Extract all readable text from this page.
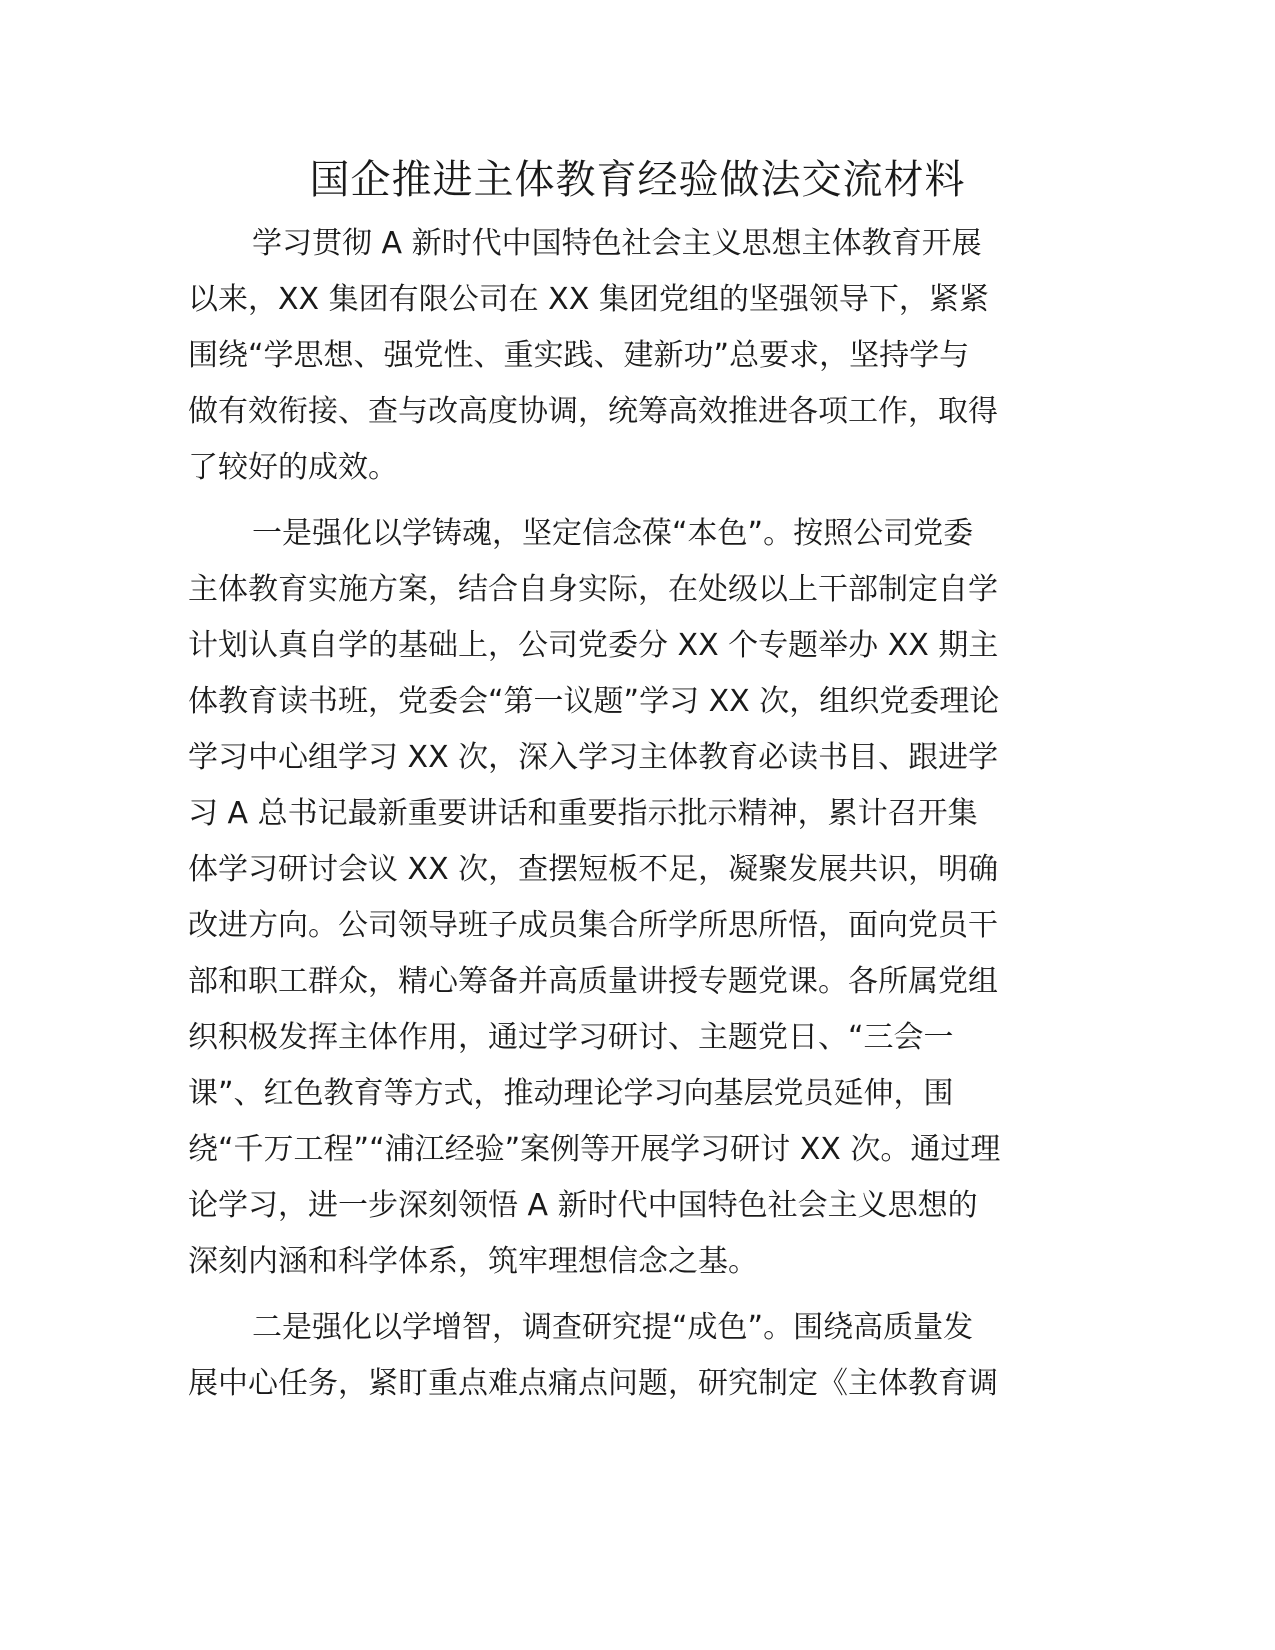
国企推进主体教育经验做法交流材料
学习贯彻 A 新时代中国特色社会主义思想主体教育开展
以来，XX 集团有限公司在 XX 集团党组的坚强领导下，紧紧
围绕“学思想、强党性、重实践、建新功”总要求，坚持学与
做有效衔接、查与改高度协调，统筹高效推进各项工作，取得
了较好的成效。
一是强化以学铸魂，坚定信念葆“本色”。按照公司党委
主体教育实施方案，结合自身实际，在处级以上干部制定自学
计划认真自学的基础上，公司党委分 XX 个专题举办 XX 期主
体教育读书班，党委会“第一议题”学习 XX 次，组织党委理论
学习中心组学习 XX 次，深入学习主体教育必读书目、跟进学
习 A 总书记最新重要讲话和重要指示批示精神，累计召开集
体学习研讨会议 XX 次，查摆短板不足，凝聚发展共识，明确
改进方向。公司领导班子成员集合所学所思所悟，面向党员干
部和职工群众，精心筹备并高质量讲授专题党课。各所属党组
织积极发挥主体作用，通过学习研讨、主题党日、“三会一
课”、红色教育等方式，推动理论学习向基层党员延伸，围
绕“千万工程”“浦江经验”案例等开展学习研讨 XX 次。通过理
论学习，进一步深刻领悟 A 新时代中国特色社会主义思想的
深刻内涵和科学体系，筑牢理想信念之基。
二是强化以学增智，调查研究提“成色”。围绕高质量发
展中心任务，紧盯重点难点痛点问题，研究制定《主体教育调
